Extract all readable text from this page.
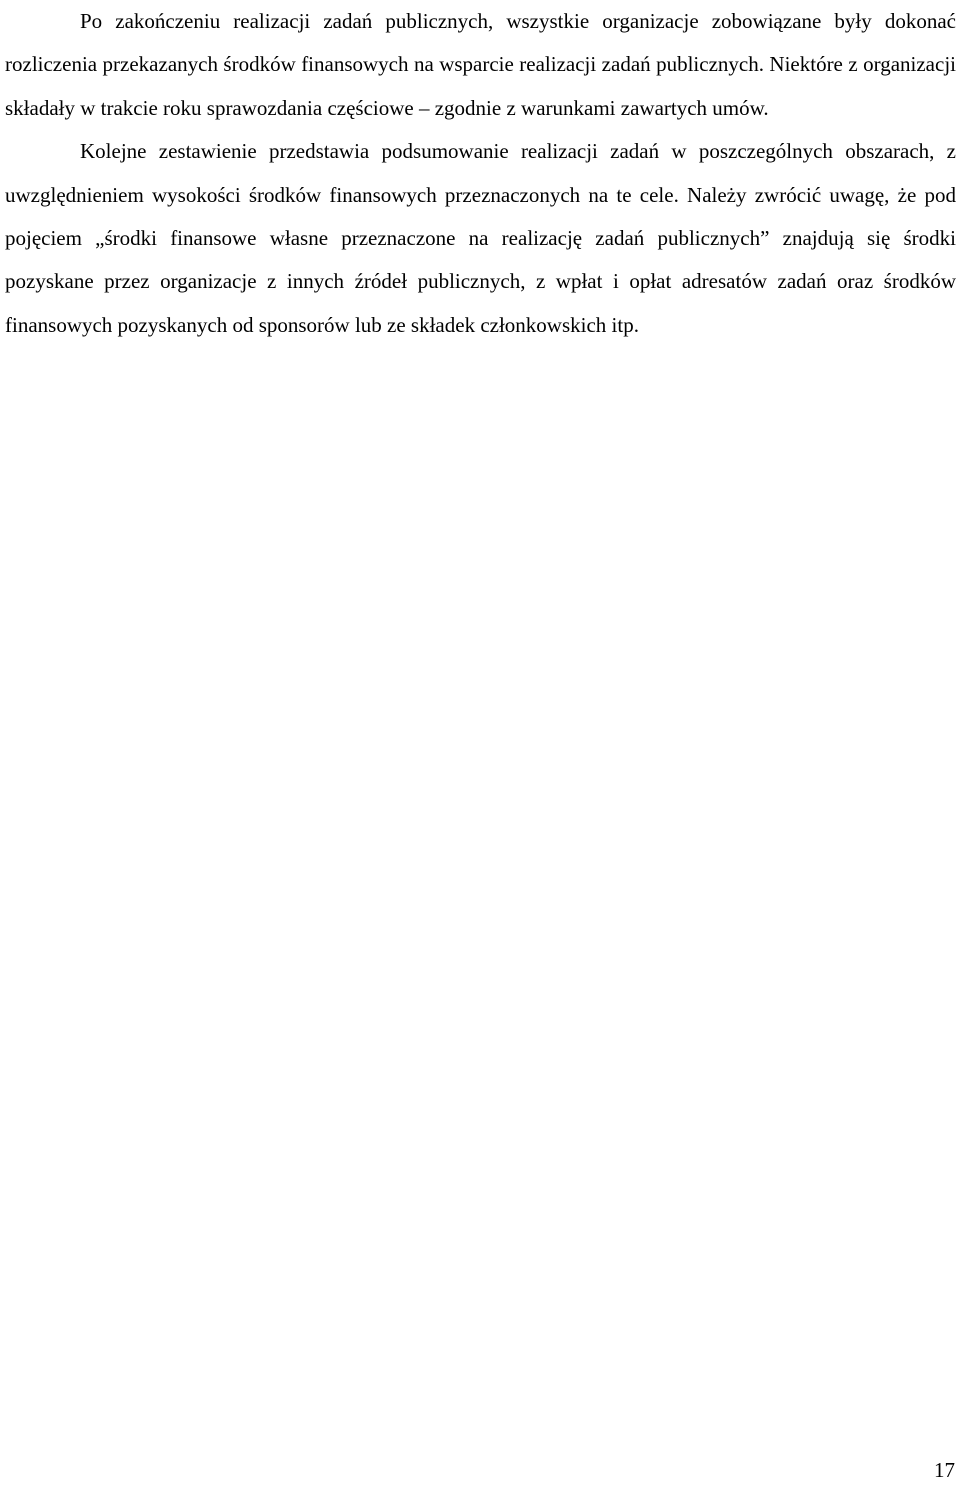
Po zakończeniu realizacji zadań publicznych, wszystkie organizacje zobowiązane były dokonać rozliczenia przekazanych środków finansowych na wsparcie realizacji zadań publicznych. Niektóre z organizacji składały w trakcie roku sprawozdania częściowe – zgodnie z warunkami zawartych umów.

Kolejne zestawienie przedstawia podsumowanie realizacji zadań w poszczególnych obszarach, z uwzględnieniem wysokości środków finansowych przeznaczonych na te cele. Należy zwrócić uwagę, że pod pojęciem „środki finansowe własne przeznaczone na realizację zadań publicznych” znajdują się środki pozyskane przez organizacje z innych źródeł publicznych, z wpłat i opłat adresatów zadań oraz środków finansowych pozyskanych od sponsorów lub ze składek członkowskich itp.

17
